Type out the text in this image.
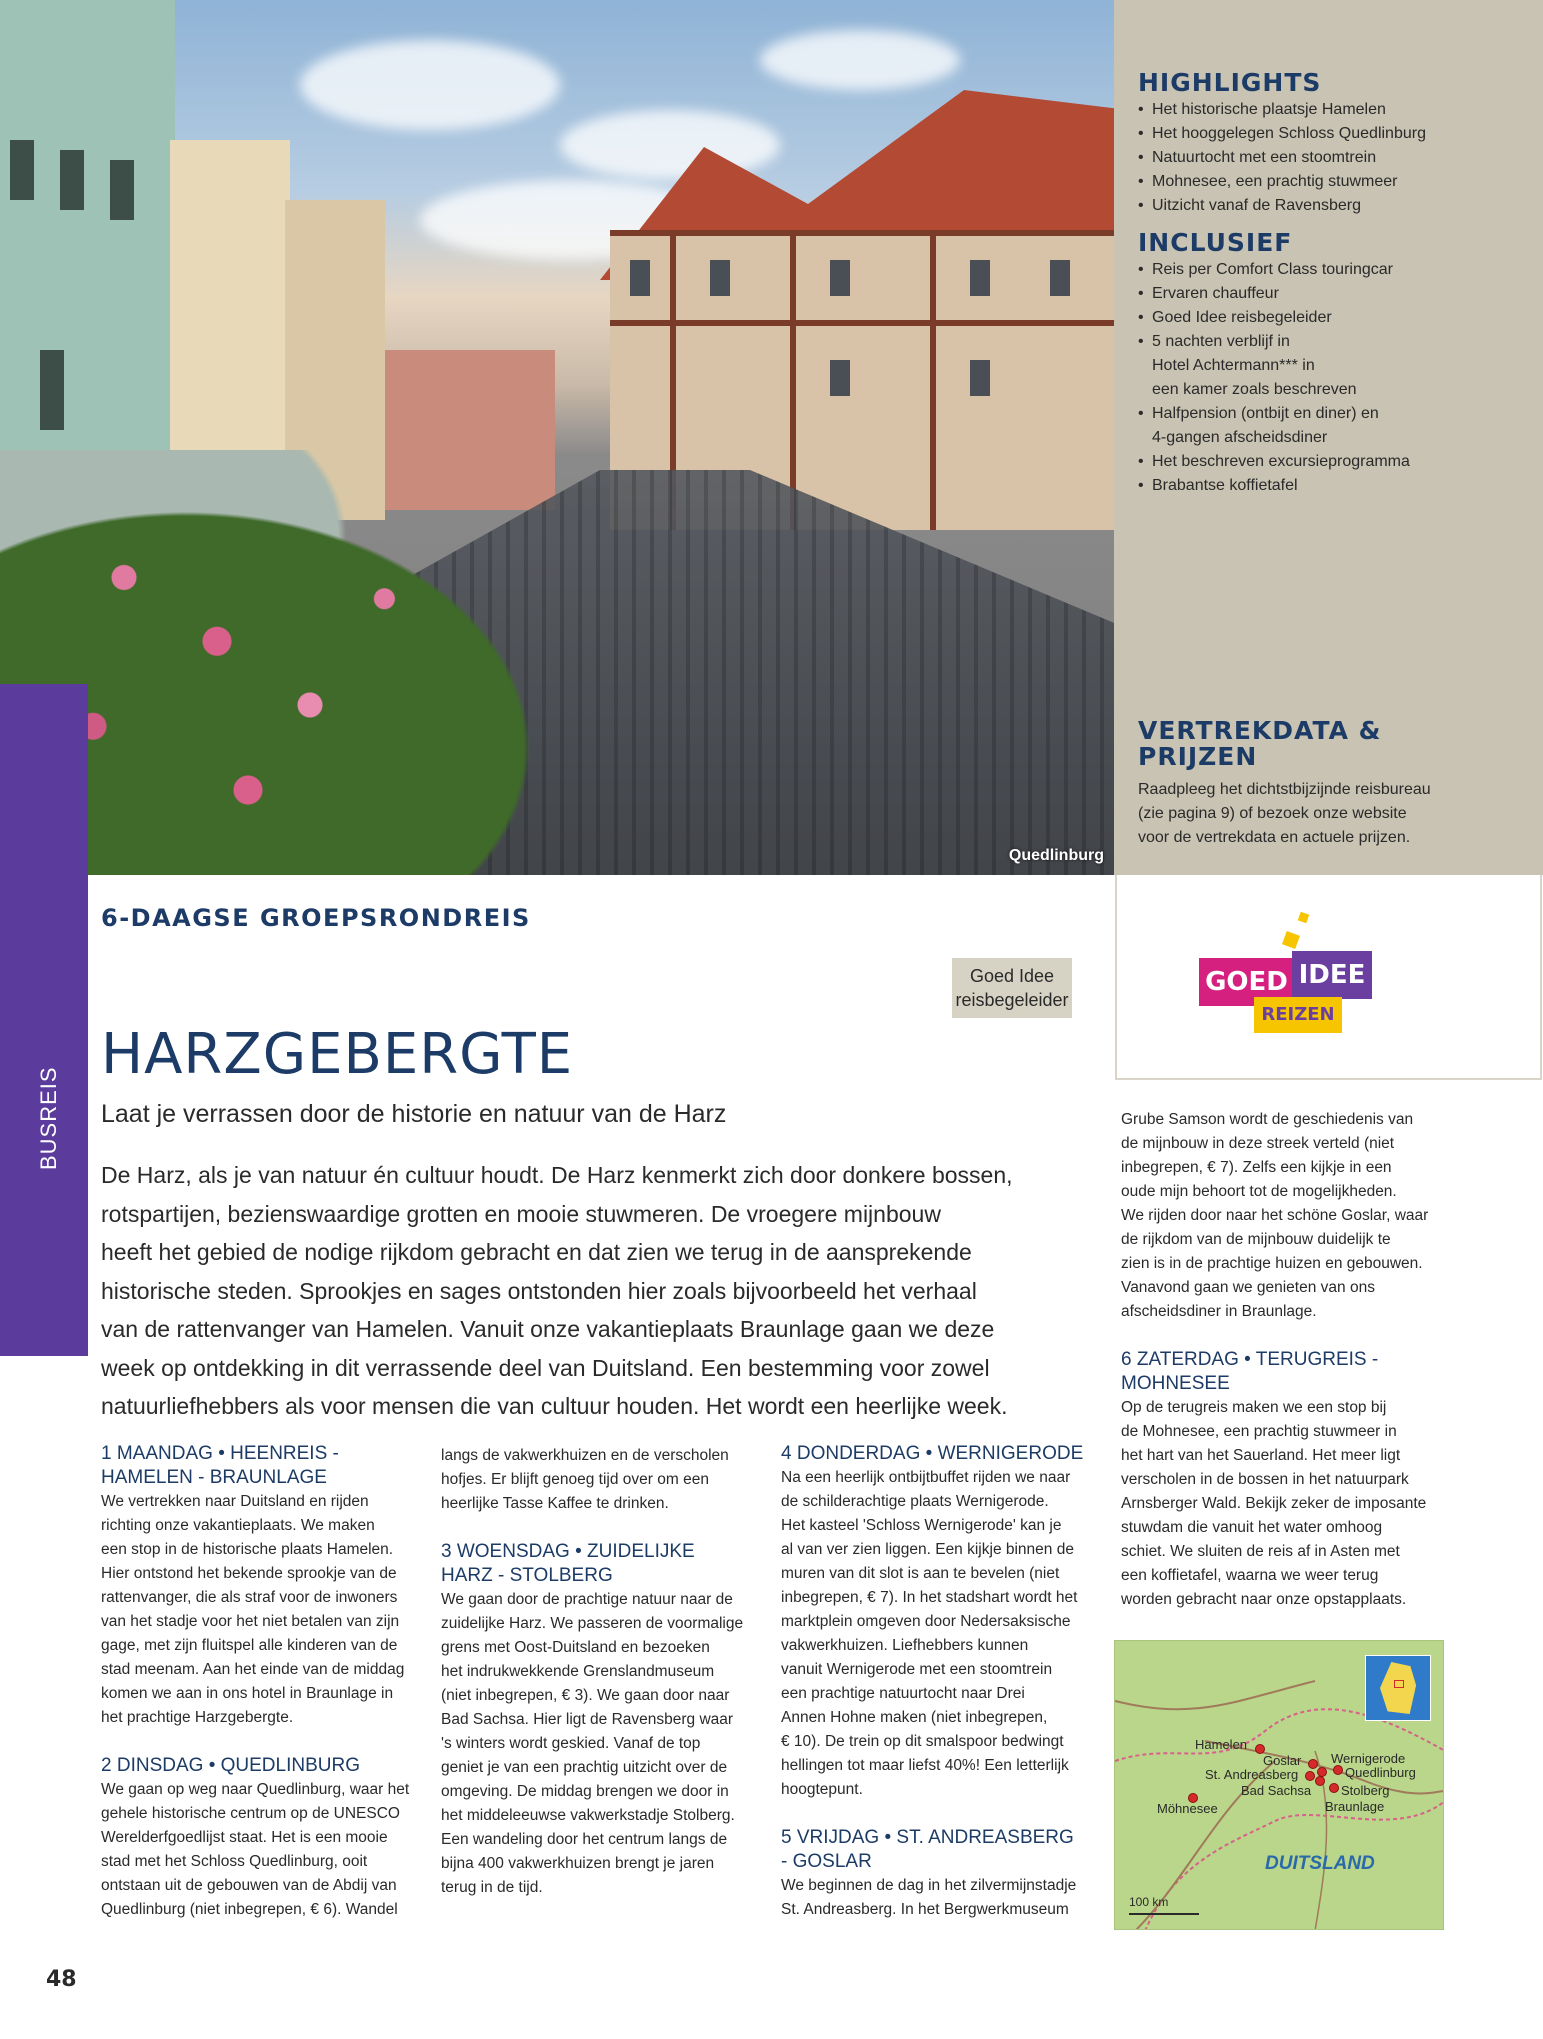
Quedlinburg
HIGHLIGHTS
• Het historische plaatsje Hamelen
• Het hooggelegen Schloss Quedlinburg
• Natuurtocht met een stoomtrein
• Mohnesee, een prachtig stuwmeer
• Uitzicht vanaf de Ravensberg
INCLUSIEF
• Reis per Comfort Class touringcar
• Ervaren chauffeur
• Goed Idee reisbegeleider
• 5 nachten verblijf in
Hotel Achtermann*** in
een kamer zoals beschreven
• Halfpension (ontbijt en diner) en
4-gangen afscheidsdiner
• Het beschreven excursieprogramma
• Brabantse koffietafel
VERTREKDATA &
PRIJZEN

Raadpleeg het dichtstbijzijnde reisbureau
(zie pagina 9) of bezoek onze website
voor de vertrekdata en actuele prijzen.

GOED IDEE
REIZEN
BUSREIS
6-DAAGSE GROEPSRONDREIS
Goed Idee
reisbegeleider
HARZGEBERGTE
Laat je verrassen door de historie en natuur van de Harz
De Harz, als je van natuur én cultuur houdt. De Harz kenmerkt zich door donkere bossen,
rotspartijen, bezienswaardige grotten en mooie stuwmeren. De vroegere mijnbouw
heeft het gebied de nodige rijkdom gebracht en dat zien we terug in de aansprekende
historische steden. Sprookjes en sages ontstonden hier zoals bijvoorbeeld het verhaal
van de rattenvanger van Hamelen. Vanuit onze vakantieplaats Braunlage gaan we deze
week op ontdekking in dit verrassende deel van Duitsland. Een bestemming voor zowel
natuurliefhebbers als voor mensen die van cultuur houden. Het wordt een heerlijke week.
1 MAANDAG • HEENREIS -
HAMELEN - BRAUNLAGE
We vertrekken naar Duitsland en rijden
richting onze vakantieplaats. We maken
een stop in de historische plaats Hamelen.
Hier ontstond het bekende sprookje van de
rattenvanger, die als straf voor de inwoners
van het stadje voor het niet betalen van zijn
gage, met zijn fluitspel alle kinderen van de
stad meenam. Aan het einde van de middag
komen we aan in ons hotel in Braunlage in
het prachtige Harzgebergte.
2 DINSDAG • QUEDLINBURG
We gaan op weg naar Quedlinburg, waar het
gehele historische centrum op de UNESCO
Werelderfgoedlijst staat. Het is een mooie
stad met het Schloss Quedlinburg, ooit
ontstaan uit de gebouwen van de Abdij van
Quedlinburg (niet inbegrepen, € 6). Wandel
langs de vakwerkhuizen en de verscholen
hofjes. Er blijft genoeg tijd over om een
heerlijke Tasse Kaffee te drinken.
3 WOENSDAG • ZUIDELIJKE
HARZ - STOLBERG
We gaan door de prachtige natuur naar de
zuidelijke Harz. We passeren de voormalige
grens met Oost-Duitsland en bezoeken
het indrukwekkende Grenslandmuseum
(niet inbegrepen, € 3). We gaan door naar
Bad Sachsa. Hier ligt de Ravensberg waar
's winters wordt geskied. Vanaf de top
geniet je van een prachtig uitzicht over de
omgeving. De middag brengen we door in
het middeleeuwse vakwerkstadje Stolberg.
Een wandeling door het centrum langs de
bijna 400 vakwerkhuizen brengt je jaren
terug in de tijd.
4 DONDERDAG • WERNIGERODE
Na een heerlijk ontbijtbuffet rijden we naar
de schilderachtige plaats Wernigerode.
Het kasteel 'Schloss Wernigerode' kan je
al van ver zien liggen. Een kijkje binnen de
muren van dit slot is aan te bevelen (niet
inbegrepen, € 7). In het stadshart wordt het
marktplein omgeven door Nedersaksische
vakwerkhuizen. Liefhebbers kunnen
vanuit Wernigerode met een stoomtrein
een prachtige natuurtocht naar Drei
Annen Hohne maken (niet inbegrepen,
€ 10). De trein op dit smalspoor bedwingt
hellingen tot maar liefst 40%! Een letterlijk
hoogtepunt.
5 VRIJDAG • ST. ANDREASBERG
- GOSLAR
We beginnen de dag in het zilvermijnstadje
St. Andreasberg. In het Bergwerkmuseum
Grube Samson wordt de geschiedenis van
de mijnbouw in deze streek verteld (niet
inbegrepen, € 7). Zelfs een kijkje in een
oude mijn behoort tot de mogelijkheden.
We rijden door naar het schöne Goslar, waar
de rijkdom van de mijnbouw duidelijk te
zien is in de prachtige huizen en gebouwen.
Vanavond gaan we genieten van ons
afscheidsdiner in Braunlage.
6 ZATERDAG • TERUGREIS -
MOHNESEE
Op de terugreis maken we een stop bij
de Mohnesee, een prachtig stuwmeer in
het hart van het Sauerland. Het meer ligt
verscholen in de bossen in het natuurpark
Arnsberger Wald. Bekijk zeker de imposante
stuwdam die vanuit het water omhoog
schiet. We sluiten de reis af in Asten met
een koffietafel, waarna we weer terug
worden gebracht naar onze opstapplaats.
Hamelen
Goslar Wernigerode
St. Andreasberg	Quedlinburg
Bad Sachsa Stolberg
Braunlage
Möhnesee
DUITSLAND
100 km
48
